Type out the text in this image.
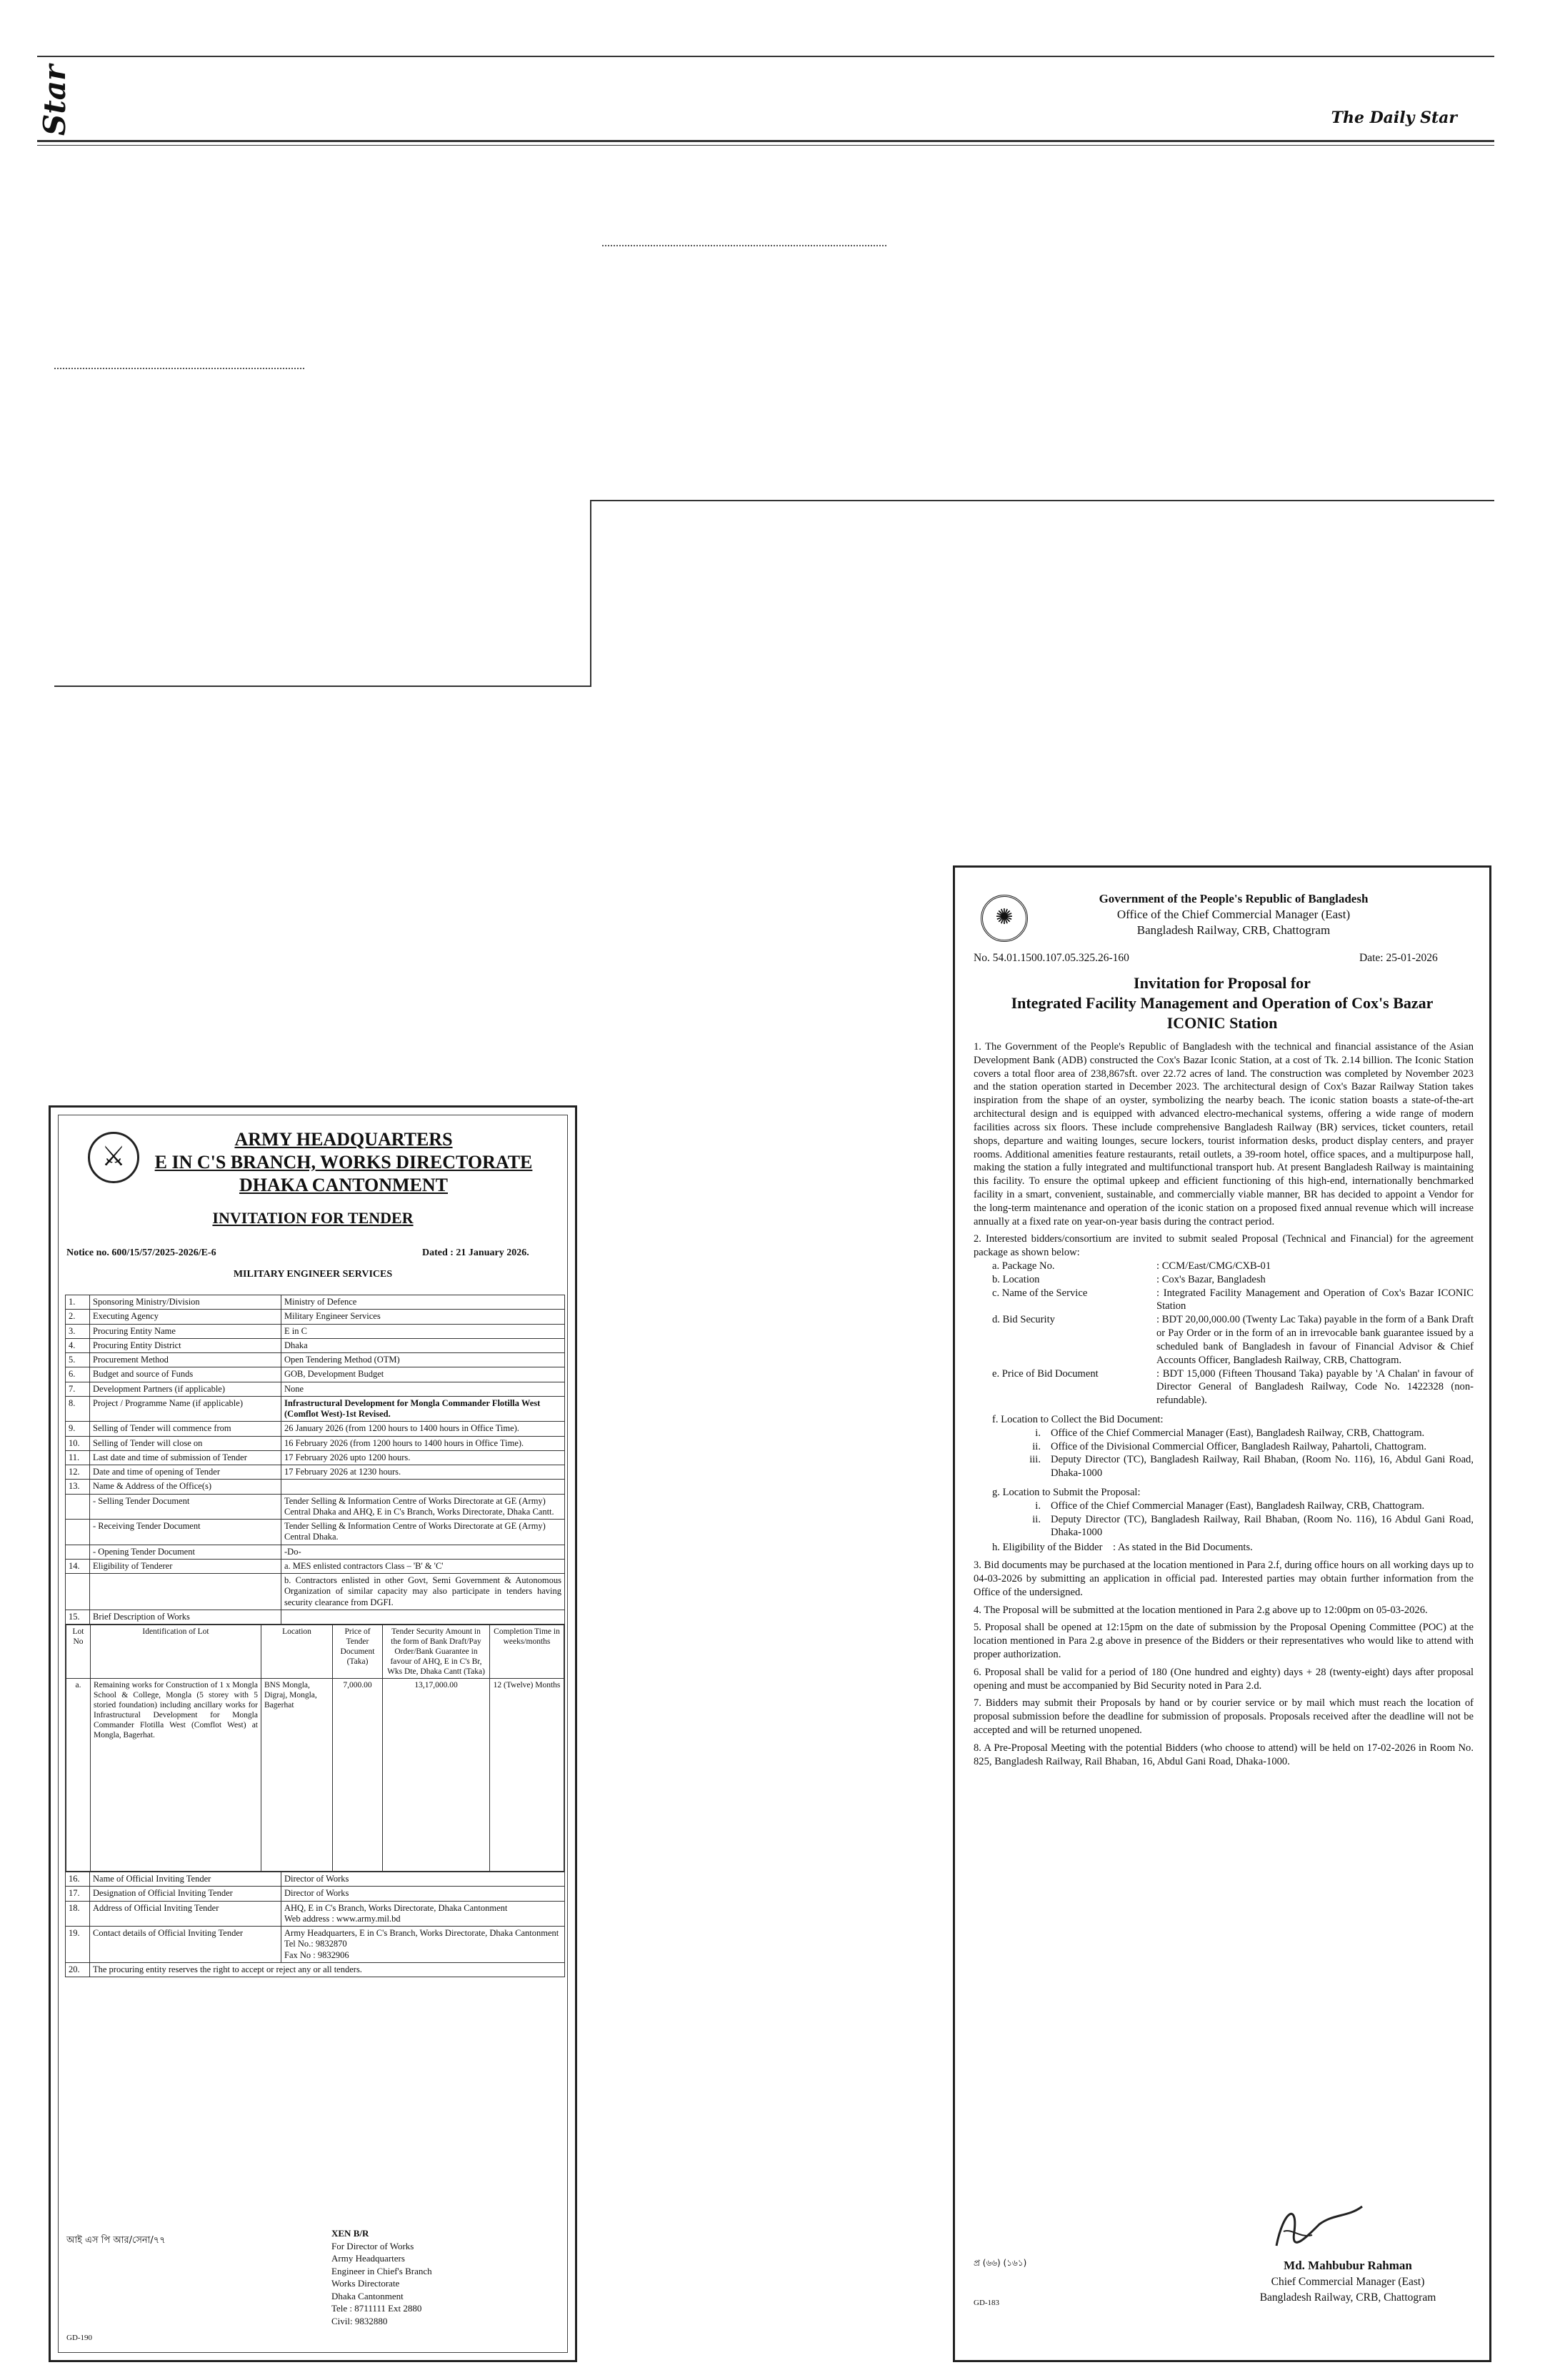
Star	The Daily Star
⚔
ARMY HEADQUARTERS
E IN C'S BRANCH, WORKS DIRECTORATE
DHAKA CANTONMENT
INVITATION FOR TENDER
Notice no. 600/15/57/2025-2026/E-6	Dated : 21 January 2026.
MILITARY ENGINEER SERVICES
1.	Sponsoring Ministry/Division	Ministry of Defence
2.	Executing Agency	Military Engineer Services
3.	Procuring Entity Name	E in C
4.	Procuring Entity District	Dhaka
5.	Procurement Method	Open Tendering Method (OTM)
6.	Budget and source of Funds	GOB, Development Budget
7.	Development Partners (if applicable)	None
8.	Project / Programme Name (if applicable)	Infrastructural Development for Mongla Commander Flotilla West (Comflot West)-1st Revised.
9.	Selling of Tender will commence from	26 January 2026 (from 1200 hours to 1400 hours in Office Time).
10.	Selling of Tender will close on	16 February 2026 (from 1200 hours to 1400 hours in Office Time).
11.	Last date and time of submission of Tender	17 February 2026 upto 1200 hours.
12.	Date and time of opening of Tender	17 February 2026 at 1230 hours.
13.	Name & Address of the Office(s)	
	- Selling Tender Document	Tender Selling & Information Centre of Works Directorate at GE (Army) Central Dhaka and AHQ, E in C's Branch, Works Directorate, Dhaka Cantt.
	- Receiving Tender Document	Tender Selling & Information Centre of Works Directorate at GE (Army) Central Dhaka.
	- Opening Tender Document	-Do-
14.	Eligibility of Tenderer	a. MES enlisted contractors Class – 'B' & 'C'
		b. Contractors enlisted in other Govt, Semi Government & Autonomous Organization of similar capacity may also participate in tenders having security clearance from DGFI.
15.	Brief Description of Works	

Lot No	Identification of Lot	Location	Price of Tender Document (Taka)	Tender Security Amount in the form of Bank Draft/Pay Order/Bank Guarantee in favour of AHQ, E in C's Br, Wks Dte, Dhaka Cantt (Taka)	Completion Time in weeks/months
a.	Remaining works for Construction of 1 x Mongla School & College, Mongla (5 storey with 5 storied foundation) including ancillary works for Infrastructural Development for Mongla Commander Flotilla West (Comflot West) at Mongla, Bagerhat.	BNS Mongla, Digraj, Mongla, Bagerhat	7,000.00	13,17,000.00	12 (Twelve) Months

16.	Name of Official Inviting Tender	Director of Works

17.	Designation of Official Inviting Tender	Director of Works

18.	Address of Official Inviting Tender	AHQ, E in C's Branch, Works Directorate, Dhaka Cantonment
Web address : www.army.mil.bd

19.	Contact details of Official Inviting Tender	Army Headquarters, E in C's Branch, Works Directorate, Dhaka Cantonment
Tel No.: 9832870
Fax No : 9832906

20.	The procuring entity reserves the right to accept or reject any or all tenders.
আই এস পি আর/সেনা/৭৭
XEN B/R
For Director of Works
Army Headquarters
Engineer in Chief's Branch
Works Directorate
Dhaka Cantonment
Tele : 8711111 Ext 2880
Civil: 9832880
GD-190
✺
Government of the People's Republic of Bangladesh
Office of the Chief Commercial Manager (East)
Bangladesh Railway, CRB, Chattogram
No. 54.01.1500.107.05.325.26-160	Date: 25-01-2026
Invitation for Proposal for
Integrated Facility Management and Operation of Cox's Bazar
ICONIC Station
1. The Government of the People's Republic of Bangladesh with the technical and financial assistance of the Asian Development Bank (ADB) constructed the Cox's Bazar Iconic Station, at a cost of Tk. 2.14 billion. The Iconic Station covers a total floor area of 238,867sft. over 22.72 acres of land. The construction was completed by November 2023 and the station operation started in December 2023. The architectural design of Cox's Bazar Railway Station takes inspiration from the shape of an oyster, symbolizing the nearby beach. The iconic station boasts a state-of-the-art architectural design and is equipped with advanced electro-mechanical systems, offering a wide range of modern facilities across six floors. These include comprehensive Bangladesh Railway (BR) services, ticket counters, retail shops, departure and waiting lounges, secure lockers, tourist information desks, product display centers, and prayer rooms. Additional amenities feature restaurants, retail outlets, a 39-room hotel, office spaces, and a multipurpose hall, making the station a fully integrated and multifunctional transport hub. At present Bangladesh Railway is maintaining this facility. To ensure the optimal upkeep and efficient functioning of this high-end, internationally benchmarked facility in a smart, convenient, sustainable, and commercially viable manner, BR has decided to appoint a Vendor for the long-term maintenance and operation of the iconic station on a proposed fixed annual revenue which will increase annually at a fixed rate on year-on-year basis during the contract period.
2. Interested bidders/consortium are invited to submit sealed Proposal (Technical and Financial) for the agreement package as shown below:
a. Package No.	: CCM/East/CMG/CXB-01
b. Location	: Cox's Bazar, Bangladesh
c. Name of the Service	: Integrated Facility Management and Operation of Cox's Bazar ICONIC Station
d. Bid Security	: BDT 20,00,000.00 (Twenty Lac Taka) payable in the form of a Bank Draft or Pay Order or in the form of an in irrevocable bank guarantee issued by a scheduled bank of Bangladesh in favour of Financial Advisor & Chief Accounts Officer, Bangladesh Railway, CRB, Chattogram.
e. Price of Bid Document	: BDT 15,000 (Fifteen Thousand Taka) payable by 'A Chalan' in favour of Director General of Bangladesh Railway, Code No. 1422328 (non-refundable).
f. Location to Collect the Bid Document:
i. Office of the Chief Commercial Manager (East), Bangladesh Railway, CRB, Chattogram.
ii. Office of the Divisional Commercial Officer, Bangladesh Railway, Pahartoli, Chattogram.
iii. Deputy Director (TC), Bangladesh Railway, Rail Bhaban, (Room No. 116), 16, Abdul Gani Road, Dhaka-1000
g. Location to Submit the Proposal:
i. Office of the Chief Commercial Manager (East), Bangladesh Railway, CRB, Chattogram.
ii. Deputy Director (TC), Bangladesh Railway, Rail Bhaban, (Room No. 116), 16 Abdul Gani Road, Dhaka-1000
h. Eligibility of the Bidder    : As stated in the Bid Documents.
3. Bid documents may be purchased at the location mentioned in Para 2.f, during office hours on all working days up to 04-03-2026 by submitting an application in official pad. Interested parties may obtain further information from the Office of the undersigned.
4. The Proposal will be submitted at the location mentioned in Para 2.g above up to 12:00pm on 05-03-2026.
5. Proposal shall be opened at 12:15pm on the date of submission by the Proposal Opening Committee (POC) at the location mentioned in Para 2.g above in presence of the Bidders or their representatives who would like to attend with proper authorization.
6. Proposal shall be valid for a period of 180 (One hundred and eighty) days + 28 (twenty-eight) days after proposal opening and must be accompanied by Bid Security noted in Para 2.d.
7. Bidders may submit their Proposals by hand or by courier service or by mail which must reach the location of proposal submission before the deadline for submission of proposals. Proposals received after the deadline will not be accepted and will be returned unopened.
8. A Pre-Proposal Meeting with the potential Bidders (who choose to attend) will be held on 17-02-2026 in Room No. 825, Bangladesh Railway, Rail Bhaban, 16, Abdul Gani Road, Dhaka-1000.
Md. Mahbubur Rahman
Chief Commercial Manager (East)
Bangladesh Railway, CRB, Chattogram
প্র (৬৬) (১৬১)
GD-183
